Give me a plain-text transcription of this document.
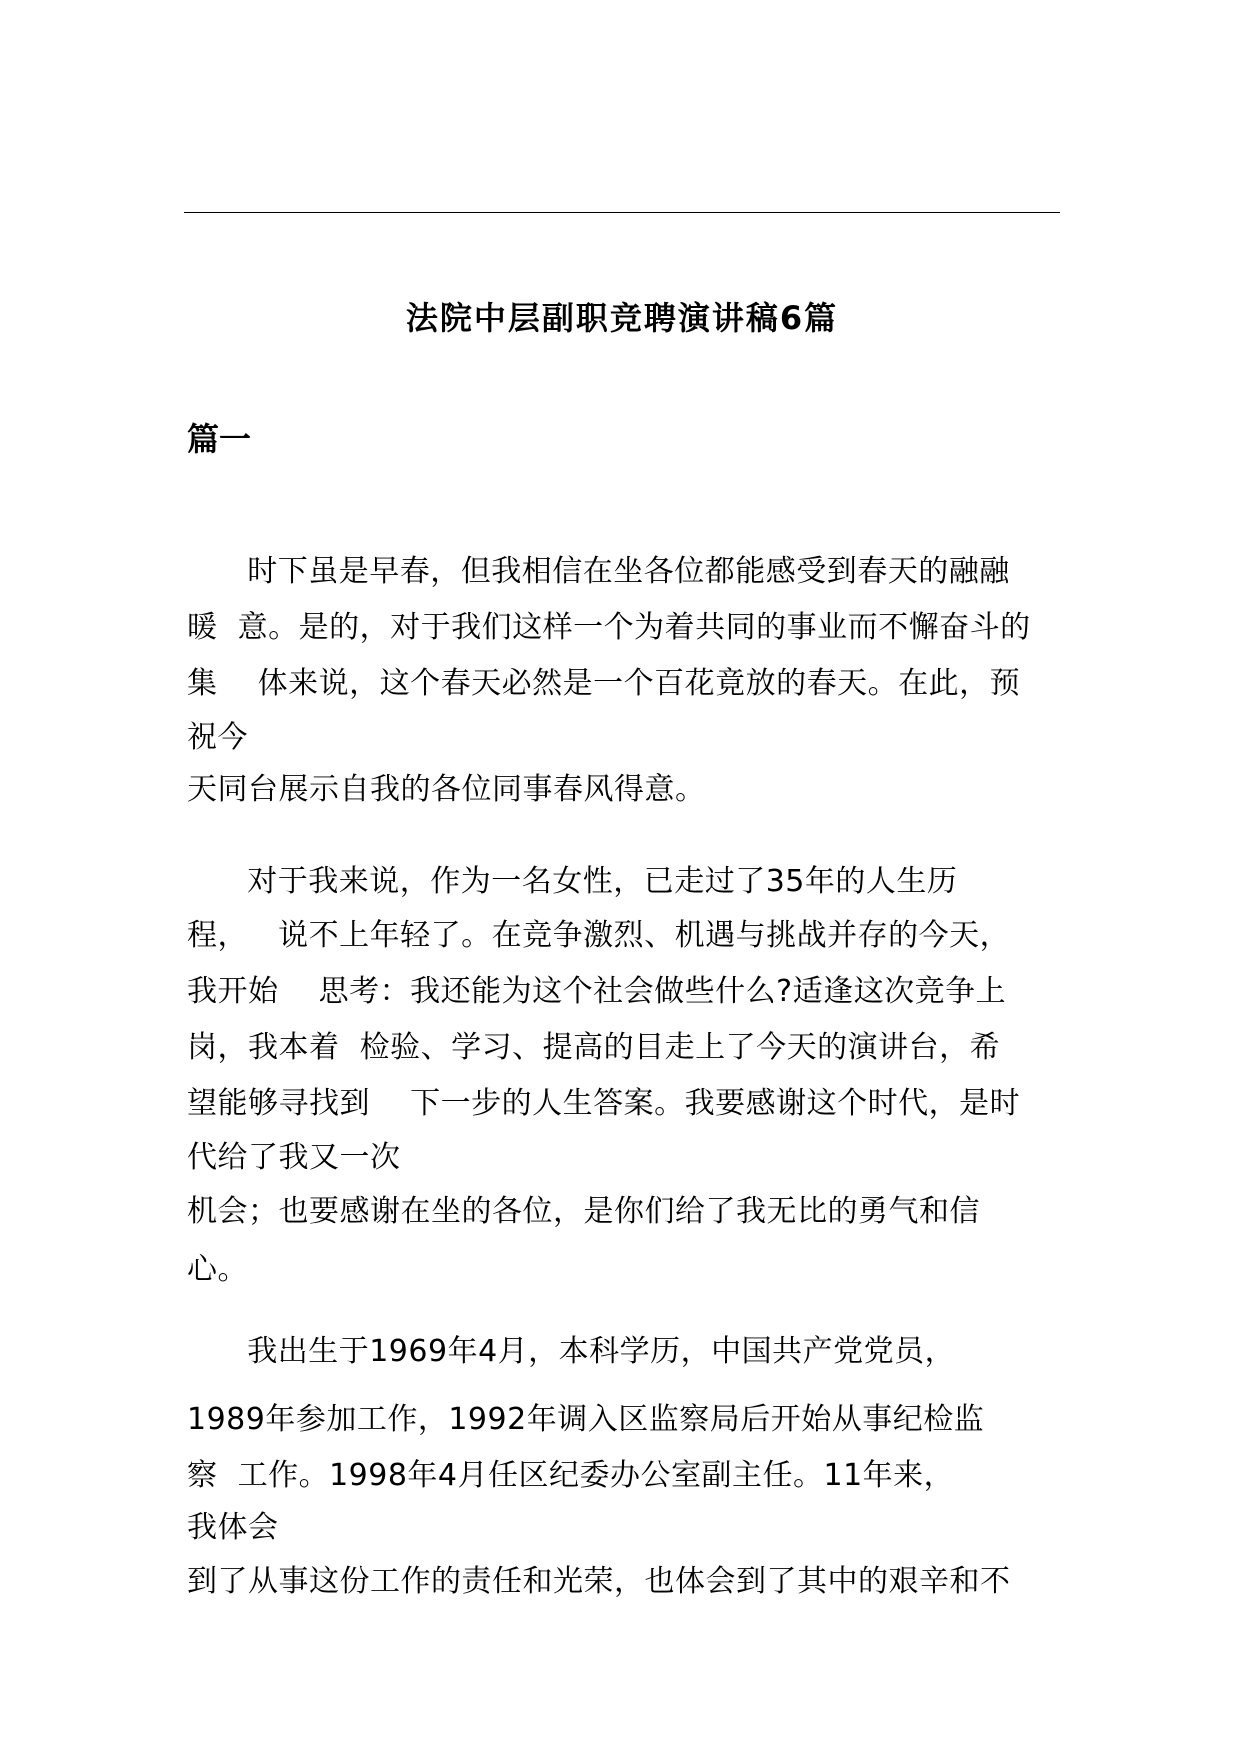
法院中层副职竞聘演讲稿6篇
篇一
时下虽是早春，但我相信在坐各位都能感受到春天的融融
暖  意。是的，对于我们这样一个为着共同的事业而不懈奋斗的
集    体来说，这个春天必然是一个百花竟放的春天。在此，预
祝今
天同台展示自我的各位同事春风得意。
对于我来说，作为一名女性，已走过了35年的人生历
程，   说不上年轻了。在竞争激烈、机遇与挑战并存的今天，
我开始    思考：我还能为这个社会做些什么?适逢这次竞争上
岗，我本着  检验、学习、提高的目走上了今天的演讲台，希
望能够寻找到    下一步的人生答案。我要感谢这个时代，是时
代给了我又一次
机会；也要感谢在坐的各位，是你们给了我无比的勇气和信
心。
我出生于1969年4月，本科学历，中国共产党党员，
1989年参加工作，1992年调入区监察局后开始从事纪检监
察  工作。1998年4月任区纪委办公室副主任。11年来，
我体会
到了从事这份工作的责任和光荣，也体会到了其中的艰辛和不
